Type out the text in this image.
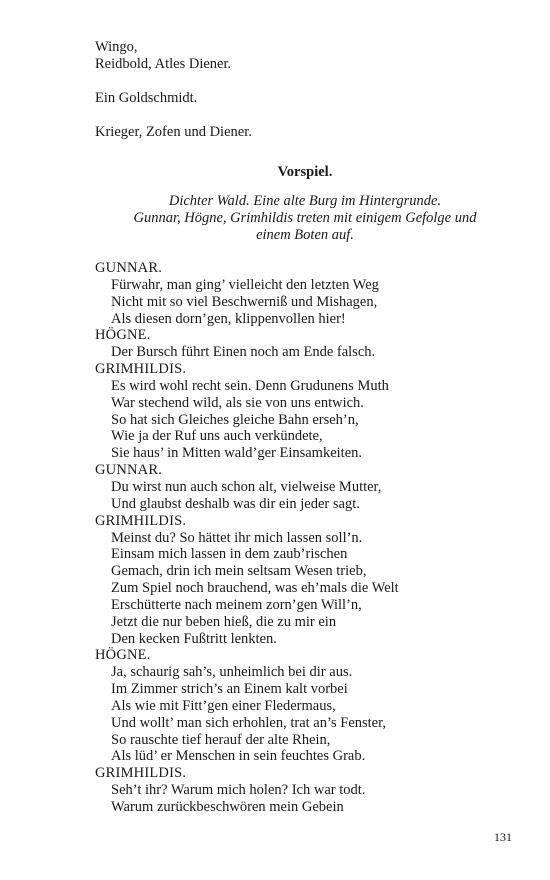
Wingo,
Reidbold, Atles Diener.
Ein Goldschmidt.
Krieger, Zofen und Diener.
Vorspiel.
Dichter Wald. Eine alte Burg im Hintergrunde.
Gunnar, Högne, Grimhildis treten mit einigem Gefolge und
einem Boten auf.
GUNNAR.
Fürwahr, man ging’ vielleicht den letzten Weg
Nicht mit so viel Beschwerniß und Mishagen,
Als diesen dorn’gen, klippenvollen hier!
HÖGNE.
Der Bursch führt Einen noch am Ende falsch.
GRIMHILDIS.
Es wird wohl recht sein. Denn Grudunens Muth
War stechend wild, als sie von uns entwich.
So hat sich Gleiches gleiche Bahn erseh’n,
Wie ja der Ruf uns auch verkündete,
Sie haus’ in Mitten wald’ger Einsamkeiten.
GUNNAR.
Du wirst nun auch schon alt, vielweise Mutter,
Und glaubst deshalb was dir ein jeder sagt.
GRIMHILDIS.
Meinst du? So hättet ihr mich lassen soll’n.
Einsam mich lassen in dem zaub’rischen
Gemach, drin ich mein seltsam Wesen trieb,
Zum Spiel noch brauchend, was eh’mals die Welt
Erschütterte nach meinem zorn’gen Will’n,
Jetzt die nur beben hieß, die zu mir ein
Den kecken Fußtritt lenkten.
HÖGNE.
Ja, schaurig sah’s, unheimlich bei dir aus.
Im Zimmer strich’s an Einem kalt vorbei
Als wie mit Fitt’gen einer Fledermaus,
Und wollt’ man sich erhohlen, trat an’s Fenster,
So rauschte tief herauf der alte Rhein,
Als lüd’ er Menschen in sein feuchtes Grab.
GRIMHILDIS.
Seh’t ihr? Warum mich holen? Ich war todt.
Warum zurückbeschwören mein Gebein
131
